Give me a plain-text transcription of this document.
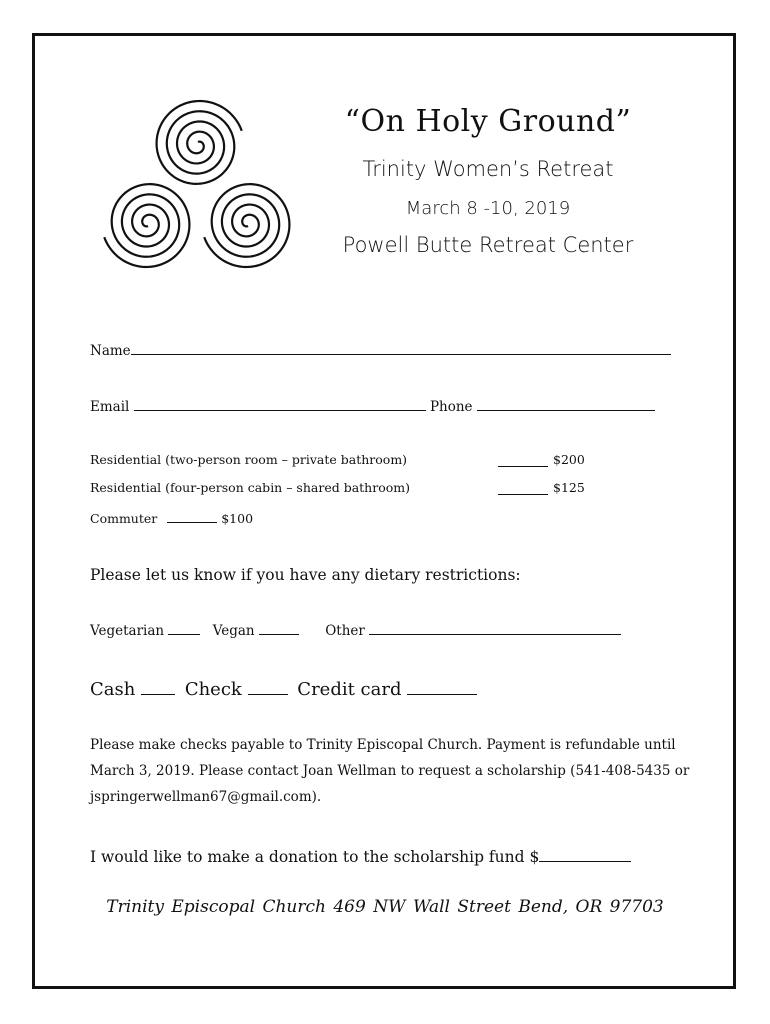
“On Holy Ground”
Trinity Women’s Retreat
March 8 -10, 2019
Powell Butte Retreat Center
Name
Email	Phone
Residential (two-person room – private bathroom)	$200
Residential (four-person cabin – shared bathroom)	$125
Commuter	$100
Please let us know if you have any dietary restrictions:
Vegetarian	Vegan	Other
Cash	Check	Credit card
Please make checks payable to Trinity Episcopal Church. Payment is refundable until March 3, 2019. Please contact Joan Wellman to request a scholarship (541-408-5435 or jspringerwellman67@gmail.com).
I would like to make a donation to the scholarship fund $
Trinity Episcopal Church 469 NW Wall Street Bend, OR 97703
